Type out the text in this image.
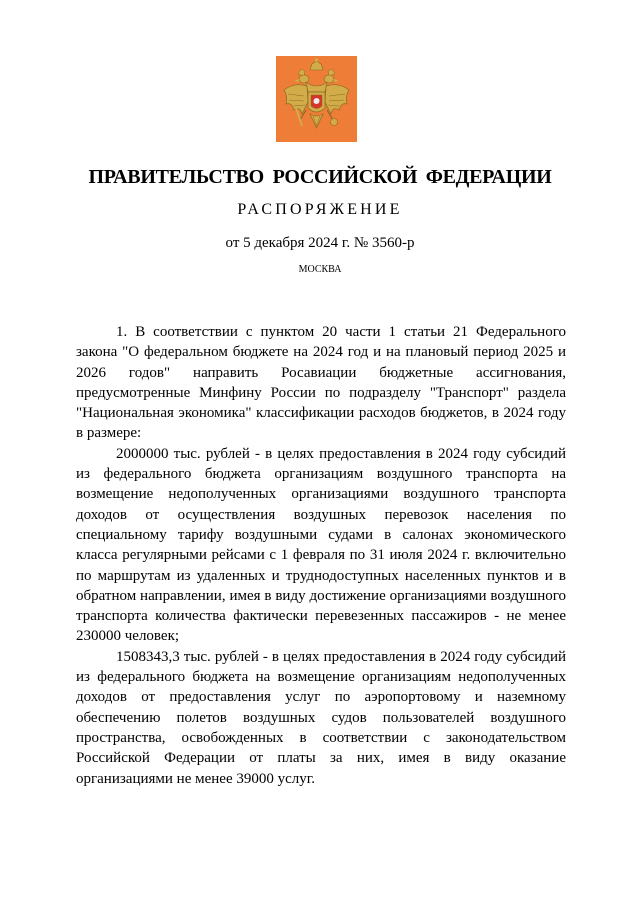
ПРАВИТЕЛЬСТВО РОССИЙСКОЙ ФЕДЕРАЦИИ
РАСПОРЯЖЕНИЕ
от 5 декабря 2024 г. № 3560-р
МОСКВА

1. В соответствии с пунктом 20 части 1 статьи 21 Федерального закона "О федеральном бюджете на 2024 год и на плановый период 2025 и 2026 годов" направить Росавиации бюджетные ассигнования, предусмотренные Минфину России по подразделу "Транспорт" раздела "Национальная экономика" классификации расходов бюджетов, в 2024 году в размере:

2000000 тыс. рублей - в целях предоставления в 2024 году субсидий из федерального бюджета организациям воздушного транспорта на возмещение недополученных организациями воздушного транспорта доходов от осуществления воздушных перевозок населения по специальному тарифу воздушными судами в салонах экономического класса регулярными рейсами с 1 февраля по 31 июля 2024 г. включительно по маршрутам из удаленных и труднодоступных населенных пунктов и в обратном направлении, имея в виду достижение организациями воздушного транспорта количества фактически перевезенных пассажиров - не менее 230000 человек;

1508343,3 тыс. рублей - в целях предоставления в 2024 году субсидий из федерального бюджета на возмещение организациям недополученных доходов от предоставления услуг по аэропортовому и наземному обеспечению полетов воздушных судов пользователей воздушного пространства, освобожденных в соответствии с законодательством Российской Федерации от платы за них, имея в виду оказание организациями не менее 39000 услуг.
